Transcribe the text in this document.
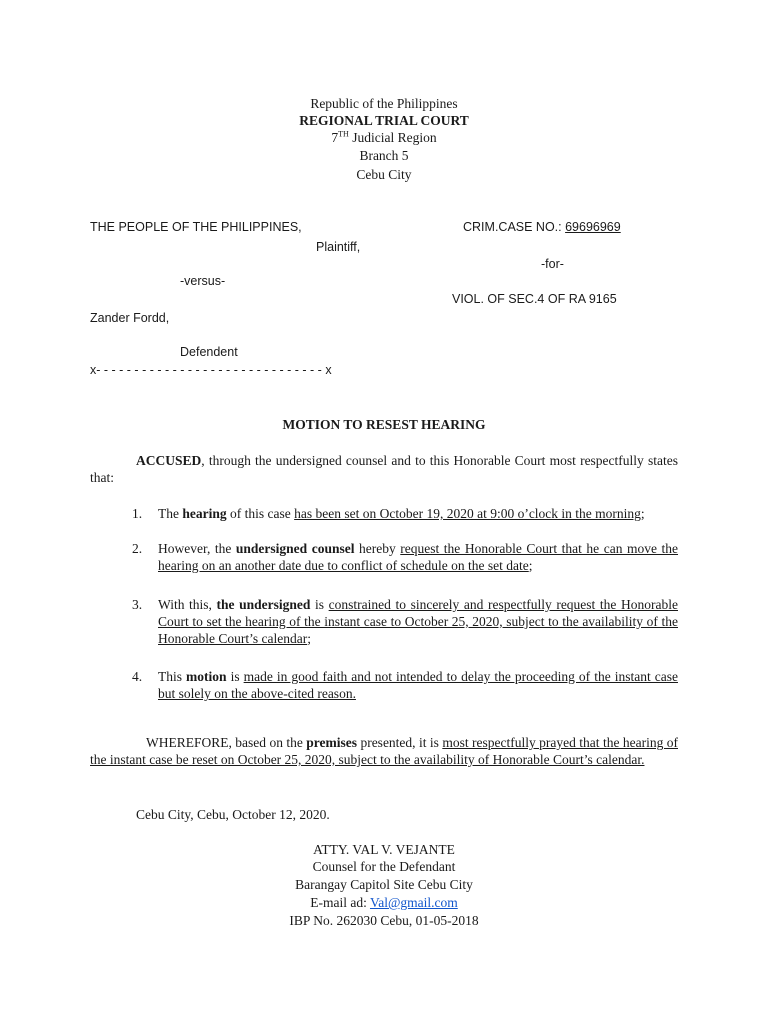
Republic of the Philippines
REGIONAL TRIAL COURT
7TH Judicial Region
Branch 5
Cebu City
THE PEOPLE OF THE PHILIPPINES,
Plaintiff,
-versus-
Zander Fordd,
Defendent
x- - - - - - - - - - - - - - - - - - - - - - - - - - - - - - x
CRIM.CASE NO.: 69696969
-for-
VIOL. OF SEC.4 OF RA 9165
MOTION TO RESEST HEARING
ACCUSED, through the undersigned counsel and to this Honorable Court most respectfully states that:
1.	The hearing of this case has been set on October 19, 2020 at 9:00 o’clock in the morning;
2.	However, the undersigned counsel hereby request the Honorable Court that he can move the hearing on an another date due to conflict of schedule on the set date;
3.	With this, the undersigned is constrained to sincerely and respectfully request the Honorable Court to set the hearing of the instant case to October 25, 2020, subject to the availability of the Honorable Court’s calendar;
4.	This motion is made in good faith and not intended to delay the proceeding of the instant case but solely on the above-cited reason.
WHEREFORE, based on the premises presented, it is most respectfully prayed that the hearing of the instant case be reset on October 25, 2020, subject to the availability of Honorable Court’s calendar.
Cebu City, Cebu, October 12, 2020.
ATTY. VAL V. VEJANTE
Counsel for the Defendant
Barangay Capitol Site Cebu City
E-mail ad: Val@gmail.com
IBP No. 262030 Cebu, 01-05-2018
